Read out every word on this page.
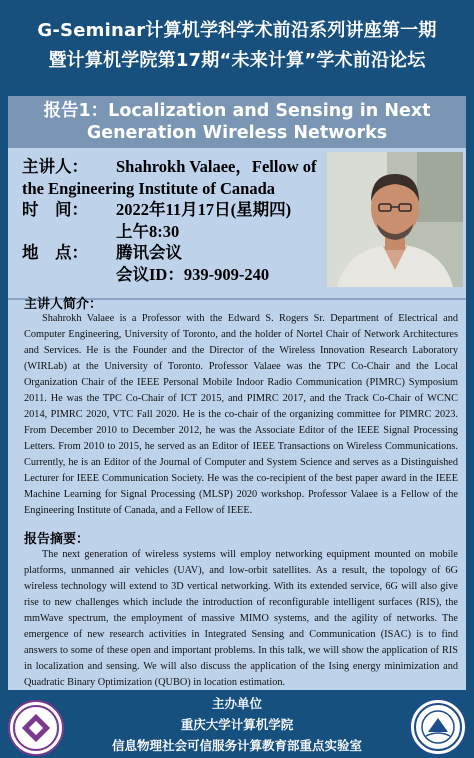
G-Seminar计算机学科学术前沿系列讲座第一期
暨计算机学院第17期“未来计算”学术前沿论坛
报告1：Localization and Sensing in Next
Generation Wireless Networks
主讲人：	Shahrokh Valaee，Fellow of
the Engineering Institute of Canada
时    间：	2022年11月17日(星期四)
上午8:30
地    点：	腾讯会议
会议ID：939-909-240
主讲人简介：
Shahrokh Valaee is a Professor with the Edward S. Rogers Sr. Department of Electrical and Computer Engineering, University of Toronto, and the holder of Nortel Chair of Network Architectures and Services. He is the Founder and the Director of the Wireless Innovation Research Laboratory (WIRLab) at the University of Toronto. Professor Valaee was the TPC Co-Chair and the Local Organization Chair of the IEEE Personal Mobile Indoor Radio Communication (PIMRC) Symposium 2011. He was the TPC Co-Chair of ICT 2015, and PIMRC 2017, and the Track Co-Chair of WCNC 2014, PIMRC 2020, VTC Fall 2020. He is the co-chair of the organizing committee for PIMRC 2023. From December 2010 to December 2012, he was the Associate Editor of the IEEE Signal Processing Letters. From 2010 to 2015, he served as an Editor of IEEE Transactions on Wireless Communications. Currently, he is an Editor of the Journal of Computer and System Science and serves as a Distinguished Lecturer for IEEE Communication Society. He was the co-recipient of the best paper award in the IEEE Machine Learning for Signal Processing (MLSP) 2020 workshop. Professor Valaee is a Fellow of the Engineering Institute of Canada, and a Fellow of IEEE.
报告摘要：
The next generation of wireless systems will employ networking equipment mounted on mobile platforms, unmanned air vehicles (UAV), and low-orbit satellites. As a result, the topology of 6G wireless technology will extend to 3D vertical networking. With its extended service, 6G will also give rise to new challenges which include the introduction of reconfigurable intelligent surfaces (RIS), the mmWave spectrum, the employment of massive MIMO systems, and the agility of networks. The emergence of new research activities in Integrated Sensing and Communication (ISAC) is to find answers to some of these open and important problems. In this talk, we will show the application of RIS in localization and sensing. We will also discuss the application of the Ising energy minimization and Quadratic Binary Optimization (QUBO) in location estimation.
主办单位
重庆大学计算机学院
信息物理社会可信服务计算教育部重点实验室
